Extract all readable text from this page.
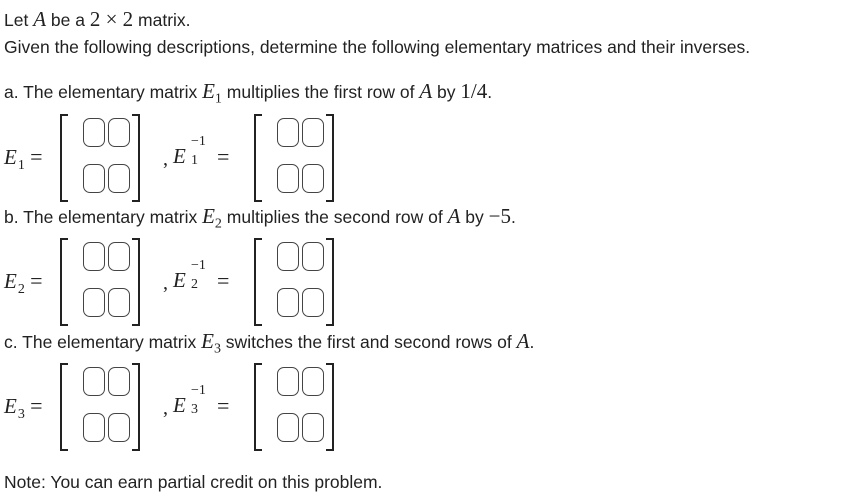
Let A be a 2 × 2 matrix.
Given the following descriptions, determine the following elementary matrices and their inverses.
a. The elementary matrix $E_1$ multiplies the first row of A by 1/4.
$E_1$ =	, E
−1
1 =
b. The elementary matrix $E_2$ multiplies the second row of A by −5.
$E_2$ =	, E
−1
2 =
c. The elementary matrix $E_3$ switches the first and second rows of A.
$E_3$ =	, E
−1
3 =
Note: You can earn partial credit on this problem.
